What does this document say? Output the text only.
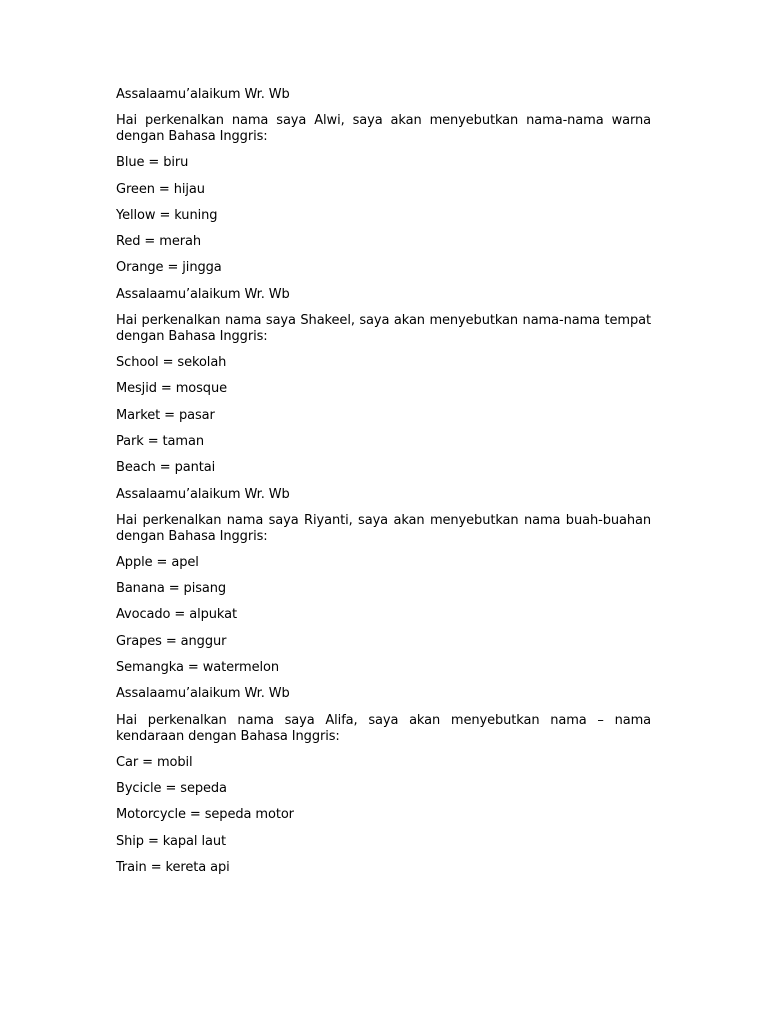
Assalaamu’alaikum Wr. Wb

Hai perkenalkan nama saya Alwi, saya akan menyebutkan nama-nama warna dengan Bahasa Inggris:

Blue = biru

Green = hijau

Yellow = kuning

Red = merah

Orange = jingga

Assalaamu’alaikum Wr. Wb

Hai perkenalkan nama saya Shakeel, saya akan menyebutkan nama-nama tempat dengan Bahasa Inggris:

School = sekolah

Mesjid = mosque

Market = pasar

Park = taman

Beach = pantai

Assalaamu’alaikum Wr. Wb

Hai perkenalkan nama saya Riyanti, saya akan menyebutkan nama buah-buahan dengan Bahasa Inggris:

Apple = apel

Banana = pisang

Avocado = alpukat

Grapes = anggur

Semangka = watermelon

Assalaamu’alaikum Wr. Wb

Hai perkenalkan nama saya Alifa, saya akan menyebutkan nama – nama kendaraan dengan Bahasa Inggris:

Car = mobil

Bycicle = sepeda

Motorcycle = sepeda motor

Ship = kapal laut

Train = kereta api
